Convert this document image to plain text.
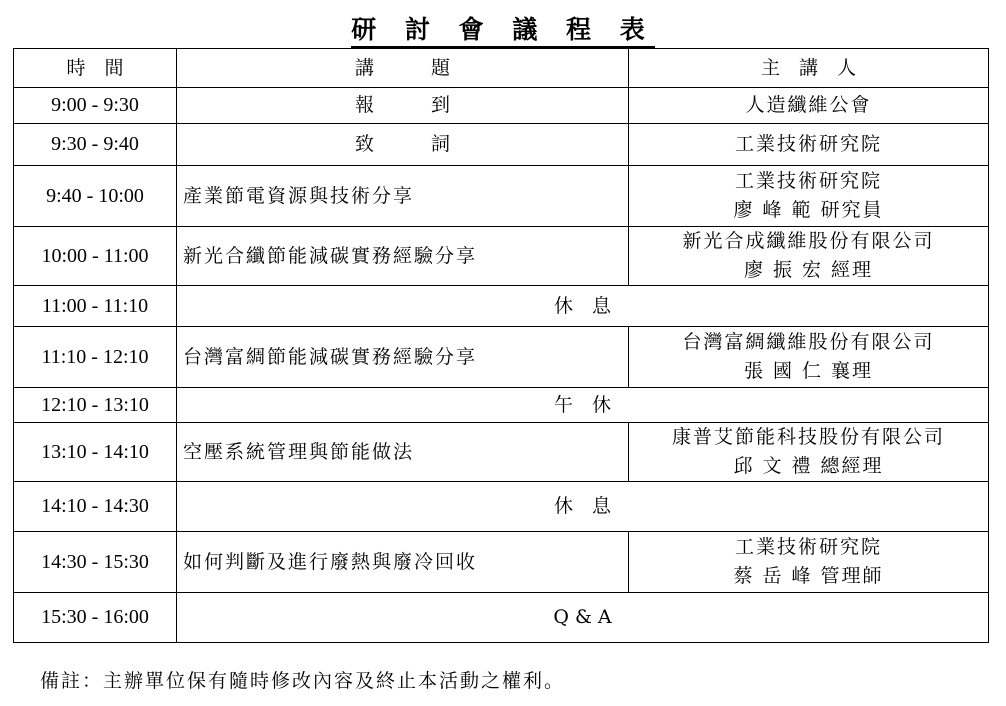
研 討 會 議 程 表
時　間	講　　　題	主　講　人
9:00 - 9:30	報　　　到	人造纖維公會

9:30 - 9:40	致　　　詞	工業技術研究院

9:40 - 10:00	產業節電資源與技術分享	工業技術研究院
廖 峰 範 研究員

10:00 - 11:00	新光合纖節能減碳實務經驗分享	新光合成纖維股份有限公司
廖 振 宏 經理

11:00 - 11:10	休　息	
11:10 - 12:10	台灣富綢節能減碳實務經驗分享	台灣富綢纖維股份有限公司
張 國 仁 襄理

12:10 - 13:10	午　休	
13:10 - 14:10	空壓系統管理與節能做法	康普艾節能科技股份有限公司
邱 文 禮 總經理

14:10 - 14:30	休　息	
14:30 - 15:30	如何判斷及進行廢熱與廢冷回收	工業技術研究院
蔡 岳 峰 管理師

15:30 - 16:00	Q & A	
備註：主辦單位保有隨時修改內容及終止本活動之權利。
